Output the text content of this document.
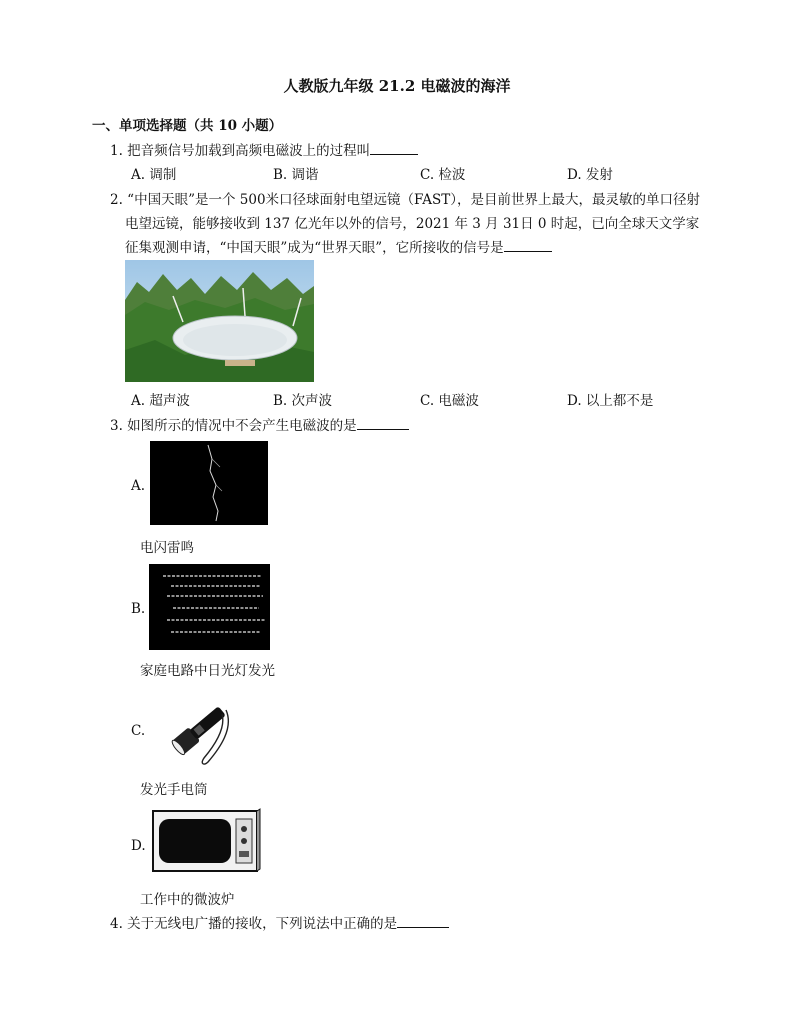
人教版九年级 21.2 电磁波的海洋
一、单项选择题（共 10 小题）
1. 把音频信号加载到高频电磁波上的过程叫
A. 调制	B. 调谐	C. 检波	D. 发射
2. “中国天眼”是一个 500米口径球面射电望远镜（FAST），是目前世界上最大，最灵敏的单口径射
电望远镜，能够接收到 137 亿光年以外的信号，2021 年 3 月 31日 0 时起，已向全球天文学家
征集观测申请，“中国天眼”成为“世界天眼”，它所接收的信号是
A. 超声波	B. 次声波	C. 电磁波	D. 以上都不是
3. 如图所示的情况中不会产生电磁波的是
A.
电闪雷鸣
B.
家庭电路中日光灯发光
C.
发光手电筒
D.
工作中的微波炉
4. 关于无线电广播的接收，下列说法中正确的是
